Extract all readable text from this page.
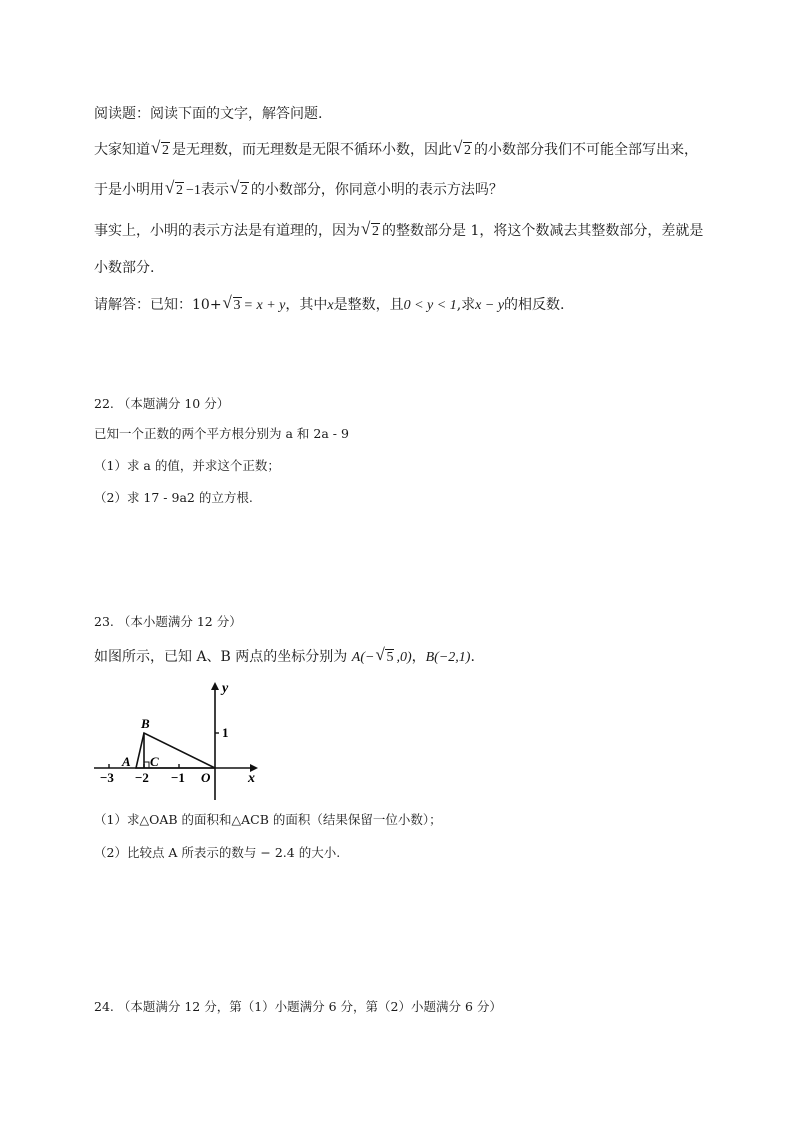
阅读题：阅读下面的文字，解答问题.
大家知道 √ 2 是无理数，而无理数是无限不循环小数，因此 √ 2 的小数部分我们不可能全部写出来，
于是小明用 √ 2 −1表示 √ 2 的小数部分，你同意小明的表示方法吗？
事实上，小明的表示方法是有道理的，因为 √ 2 的整数部分是 1，将这个数减去其整数部分，差就是
小数部分.
请解答：已知：10+ √ 3 = x + y，其中x是整数，且0 < y < 1,求x − y的相反数.
22. （本题满分 10 分）
已知一个正数的两个平方根分别为 a 和 2a - 9
（1）求 a 的值，并求这个正数；
（2）求 17 - 9a2 的立方根.
23. （本小题满分 12 分）
如图所示，已知 A、B 两点的坐标分别为 A(− √ 5 ,0)，B(−2,1).
y
x
B
A C
O
1
−3 −2 −1
（1）求△OAB 的面积和△ACB 的面积（结果保留一位小数）；
（2）比较点 A 所表示的数与 − 2.4 的大小.
24. （本题满分 12 分，第（1）小题满分 6 分，第（2）小题满分 6 分）
